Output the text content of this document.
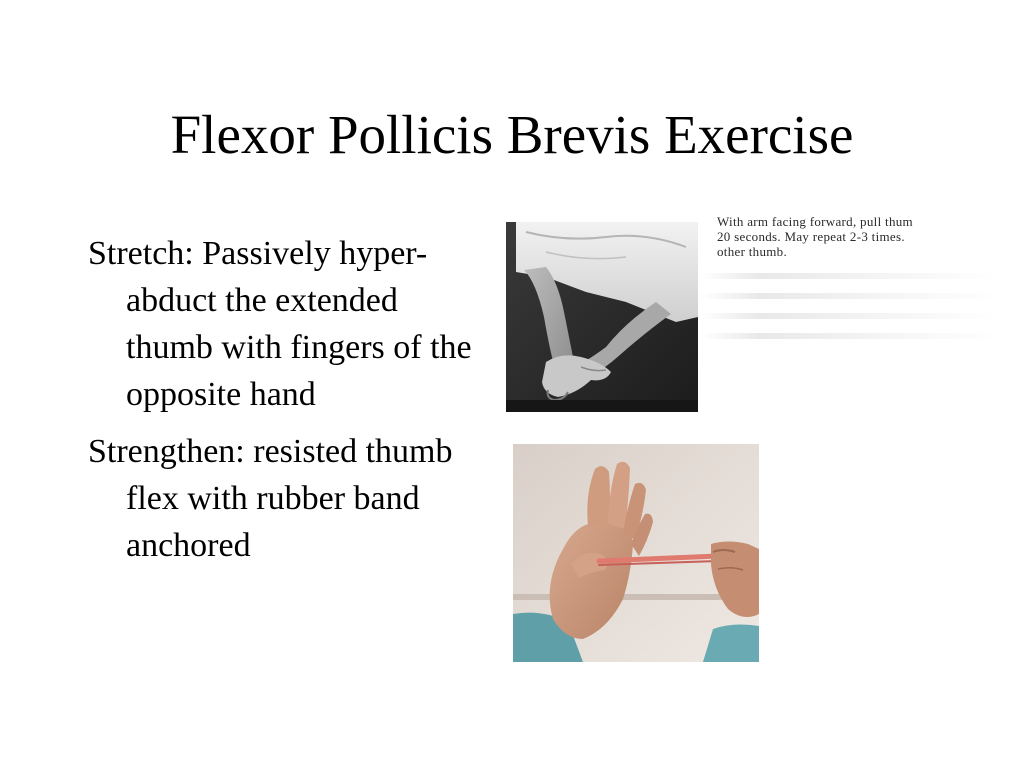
Flexor Pollicis Brevis Exercise
Stretch: Passively hyper-abduct the extended thumb with fingers of the opposite hand
Strengthen: resisted thumb flex with rubber band anchored
With arm facing forward, pull thum
20 seconds. May repeat 2-3 times.
other thumb.
